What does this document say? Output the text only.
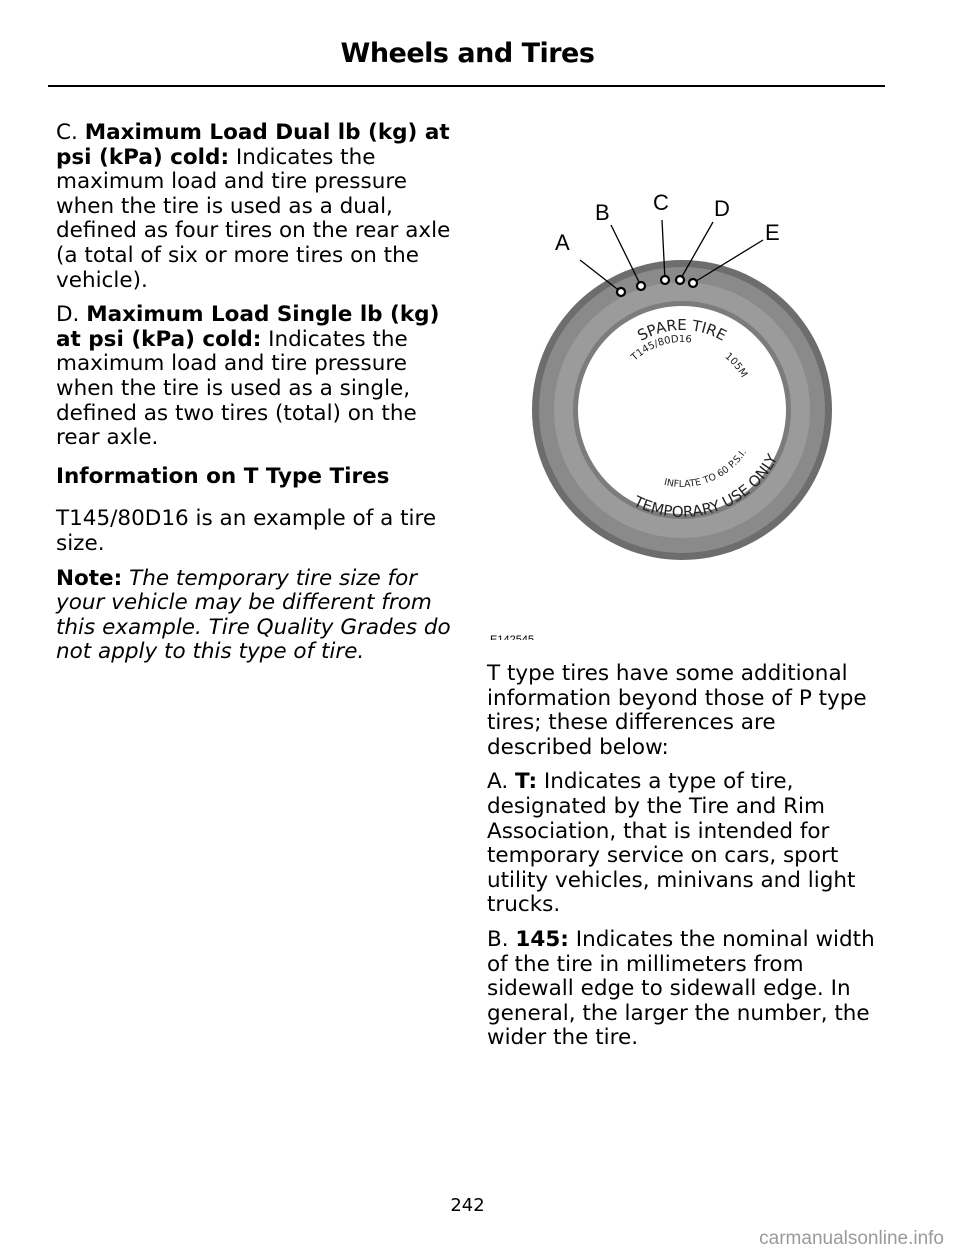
Wheels and Tires

C. Maximum Load Dual lb (kg) at psi (kPa) cold: Indicates the maximum load and tire pressure when the tire is used as a dual, defined as four tires on the rear axle (a total of six or more tires on the vehicle).

D. Maximum Load Single lb (kg) at psi (kPa) cold: Indicates the maximum load and tire pressure when the tire is used as a single, defined as two tires (total) on the rear axle.

Information on T Type Tires

T145/80D16 is an example of a tire size.

Note: The temporary tire size for your vehicle may be different from this example. Tire Quality Grades do not apply to this type of tire.

SPARE TIRE
T145/80D16
105M
TEMPORARY USE ONLY
INFLATE TO 60 P.S.I.
A
B C D
E
E142545

T type tires have some additional information beyond those of P type tires; these differences are described below:

A. T: Indicates a type of tire, designated by the Tire and Rim Association, that is intended for temporary service on cars, sport utility vehicles, minivans and light trucks.

B. 145: Indicates the nominal width of the tire in millimeters from sidewall edge to sidewall edge. In general, the larger the number, the wider the tire.

242
carmanualsonline.info
